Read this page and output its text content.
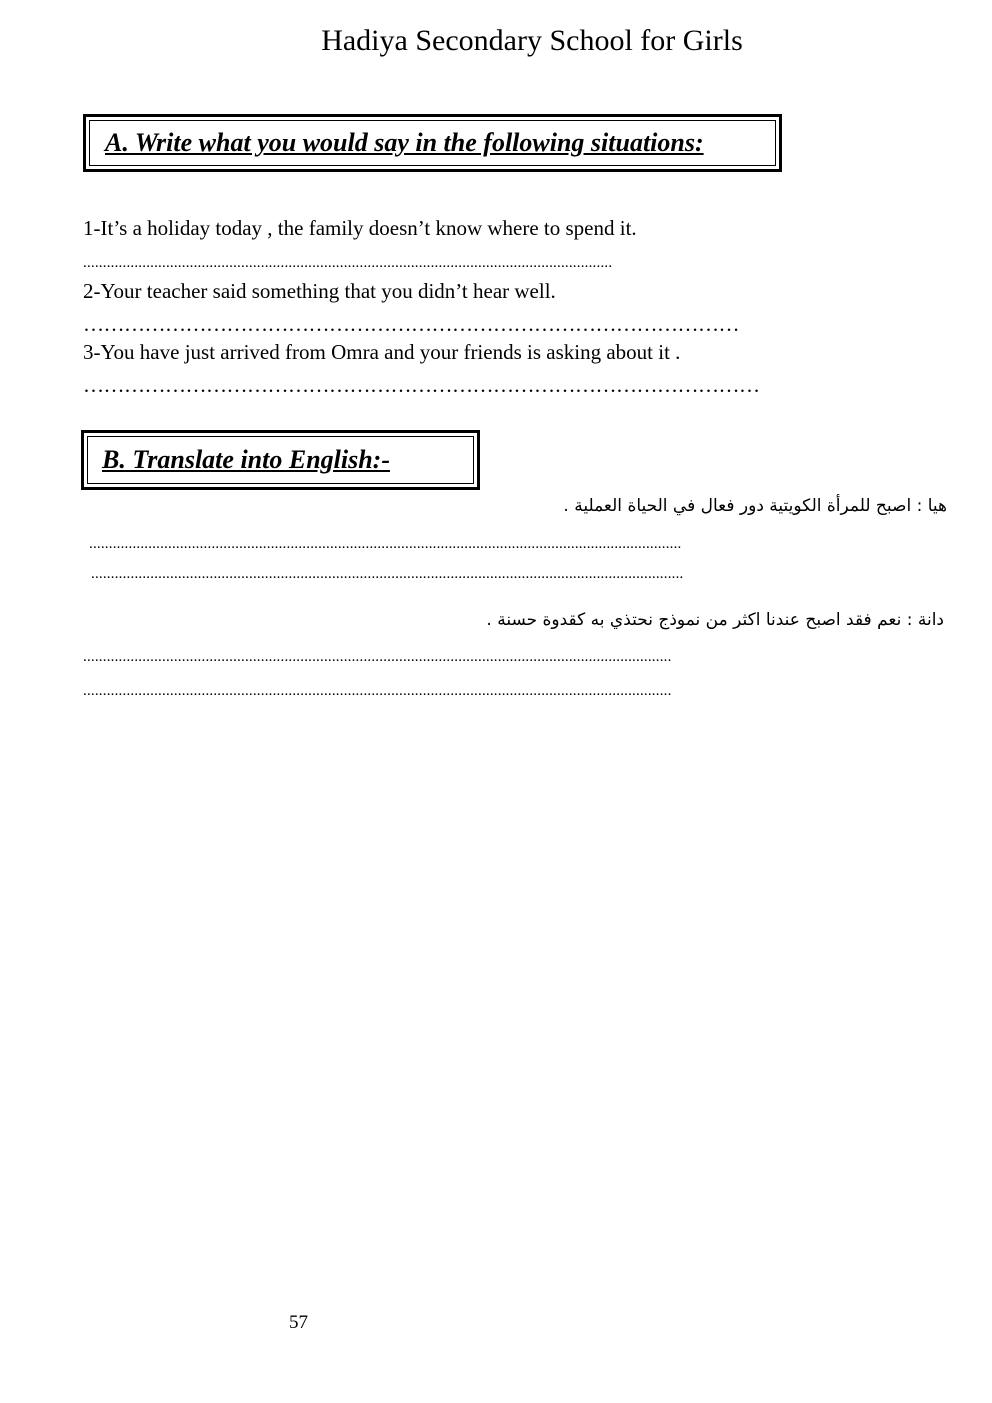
Hadiya Secondary School for Girls
A. Write what you would say in the following situations:
1-It’s a holiday today , the family doesn’t know where to spend it.
......................................................................................................................................
2-Your teacher said something that you didn’t hear well.
……………………………………………………………………………………
3-You have just arrived from Omra and your friends is asking about it .
………………………………………………………………………………………
B. Translate into English:-
هيا : اصبح للمرأة الكويتية دور فعال في الحياة العملية .
......................................................................................................................................................
......................................................................................................................................................
دانة : نعم فقد اصبح عندنا اكثر من نموذج نحتذي به كقدوة حسنة .
.....................................................................................................................................................
.....................................................................................................................................................
57
